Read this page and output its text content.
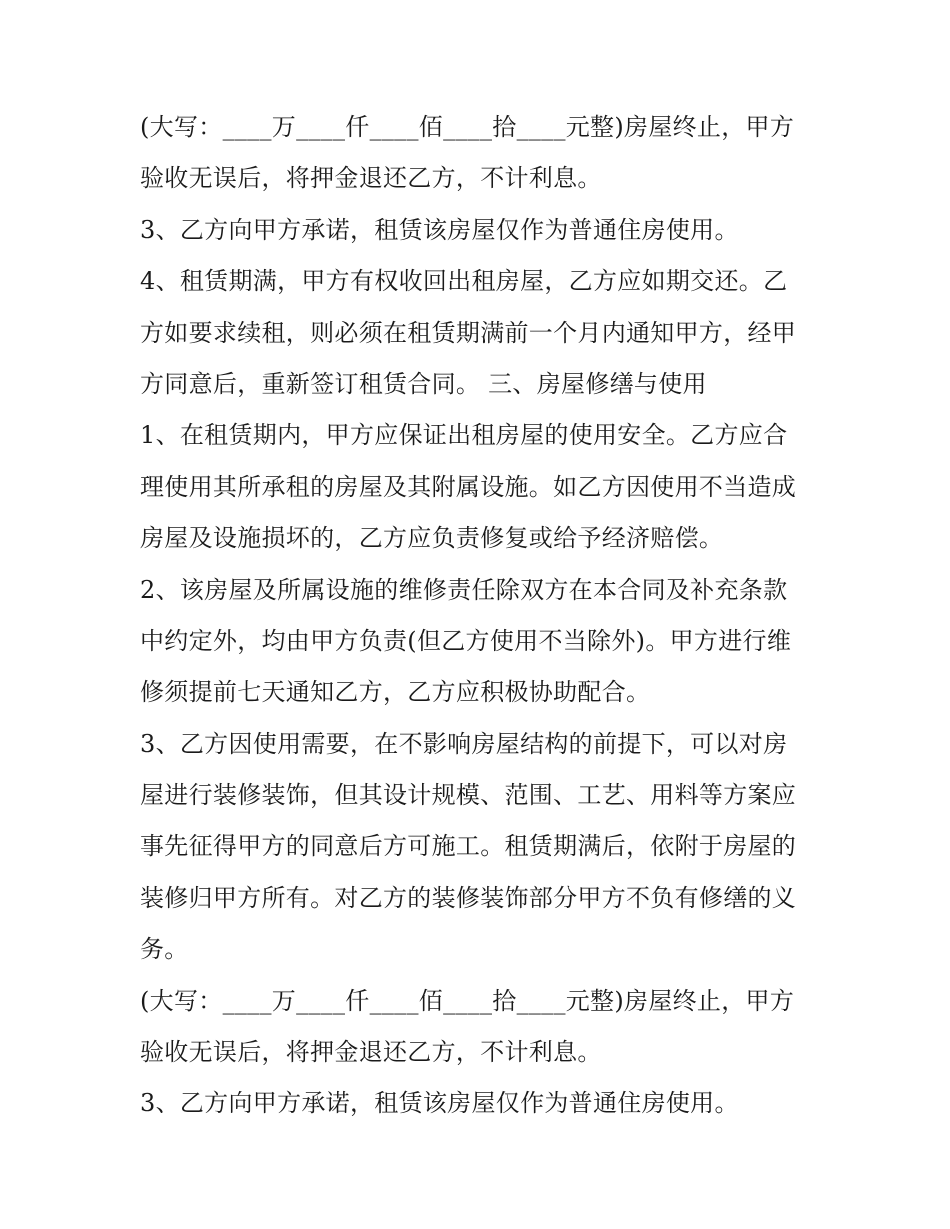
(大写：____万____仟____佰____拾____元整)房屋终止，甲方
验收无误后，将押金退还乙方，不计利息。
3、乙方向甲方承诺，租赁该房屋仅作为普通住房使用。
4、租赁期满，甲方有权收回出租房屋，乙方应如期交还。乙
方如要求续租，则必须在租赁期满前一个月内通知甲方，经甲
方同意后，重新签订租赁合同。 三、房屋修缮与使用
1、在租赁期内，甲方应保证出租房屋的使用安全。乙方应合
理使用其所承租的房屋及其附属设施。如乙方因使用不当造成
房屋及设施损坏的，乙方应负责修复或给予经济赔偿。
2、该房屋及所属设施的维修责任除双方在本合同及补充条款
中约定外，均由甲方负责(但乙方使用不当除外)。甲方进行维
修须提前七天通知乙方，乙方应积极协助配合。
3、乙方因使用需要，在不影响房屋结构的前提下，可以对房
屋进行装修装饰，但其设计规模、范围、工艺、用料等方案应
事先征得甲方的同意后方可施工。租赁期满后，依附于房屋的
装修归甲方所有。对乙方的装修装饰部分甲方不负有修缮的义
务。
(大写：____万____仟____佰____拾____元整)房屋终止，甲方
验收无误后，将押金退还乙方，不计利息。
3、乙方向甲方承诺，租赁该房屋仅作为普通住房使用。
